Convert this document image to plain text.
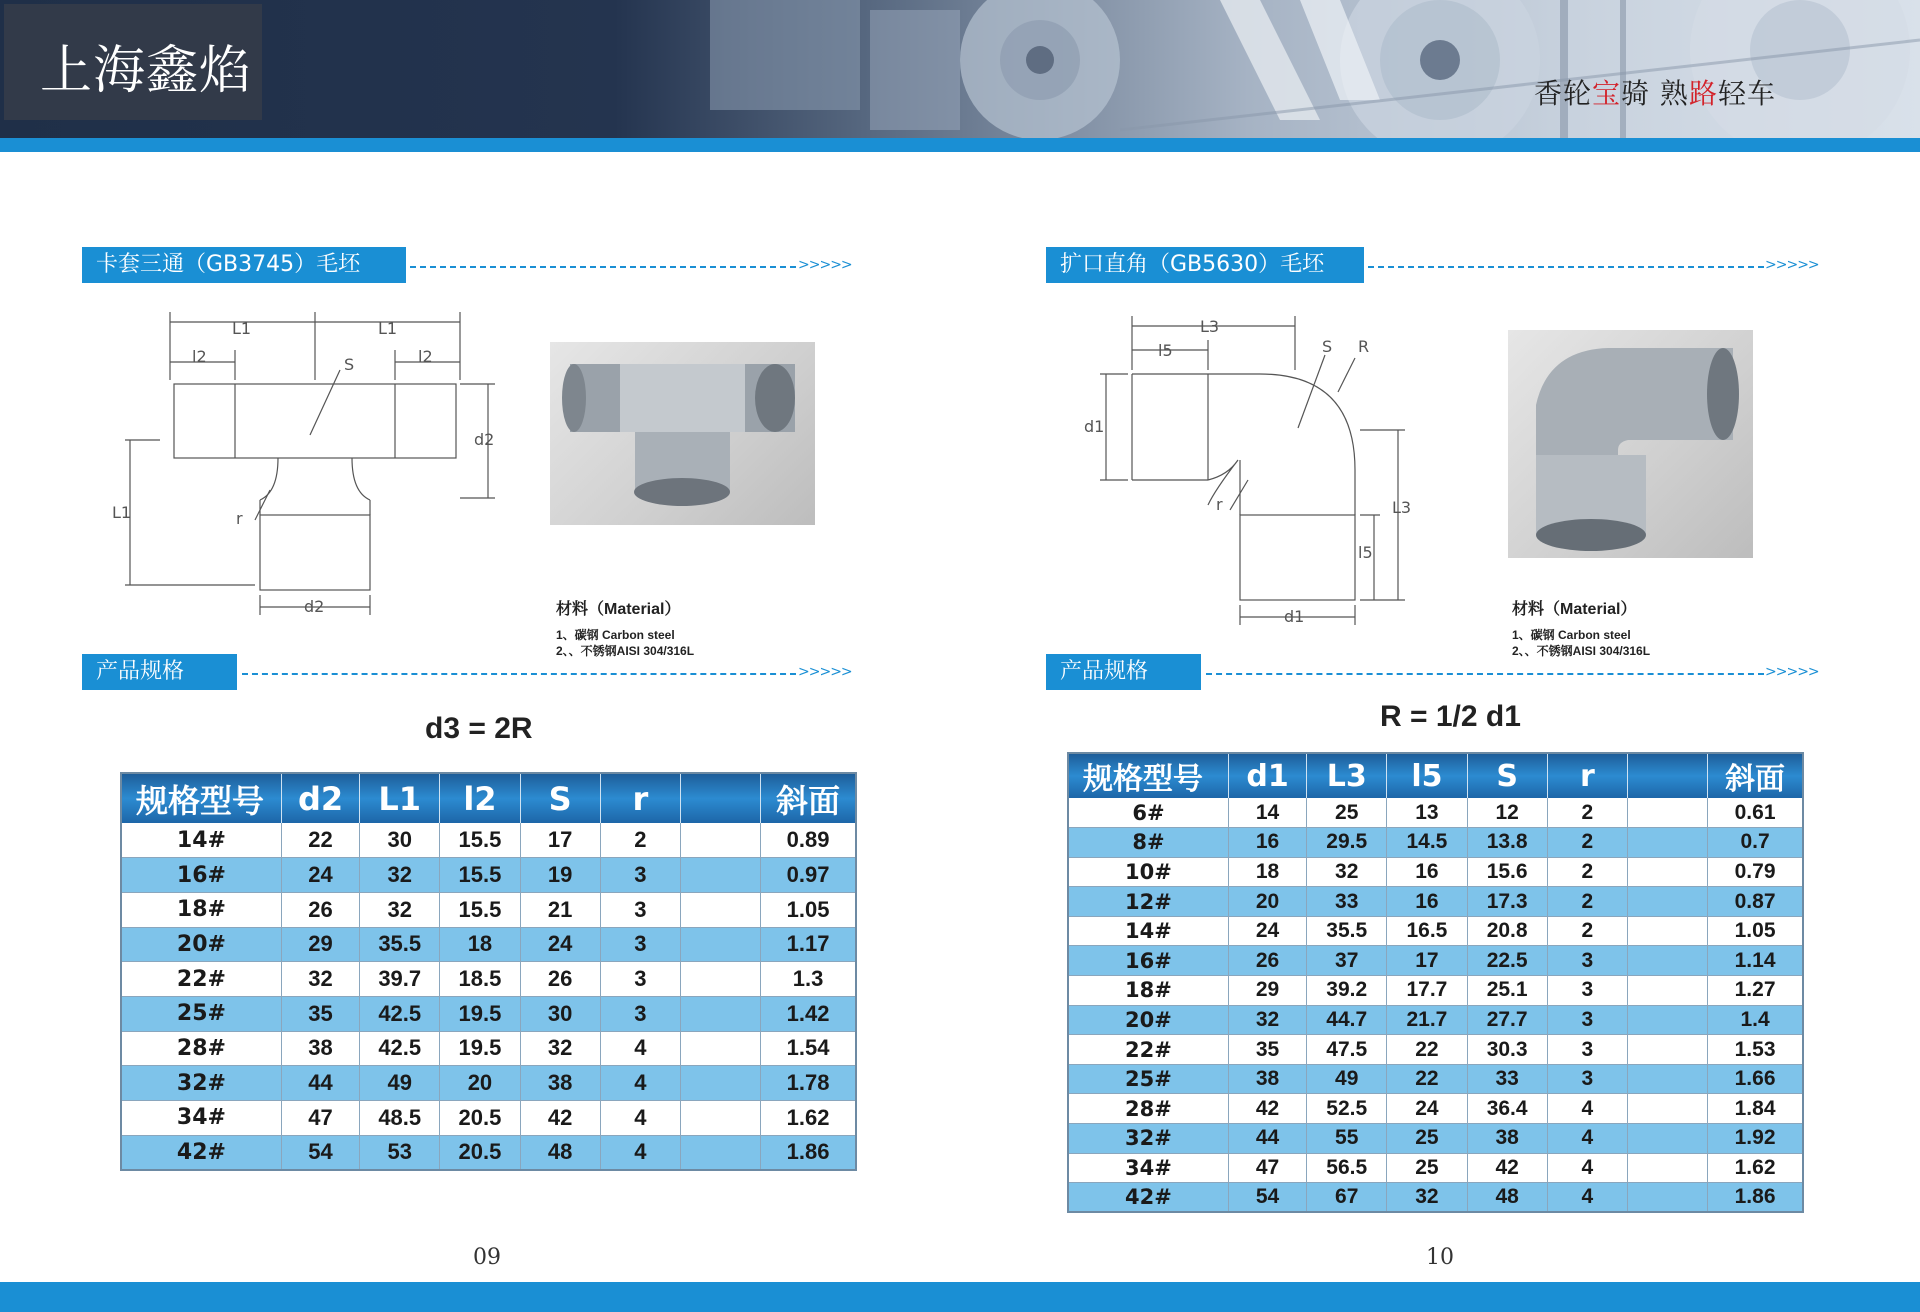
上海鑫焰	香轮宝骑 熟路轻车
卡套三通（GB3745）毛坯	>>>>>
L1	L1
l2	l2
S
d2
L1	r
d2	材料（Material）
1、碳钢 Carbon steel
2、、不锈钢AISI 304/316L
产品规格	>>>>>
d3 = 2R
规格型号	d2	L1	l2	S	r		斜面
14#	22	30	15.5	17	2		0.89
16#	24	32	15.5	19	3		0.97
18#	26	32	15.5	21	3		1.05
20#	29	35.5	18	24	3		1.17
22#	32	39.7	18.5	26	3		1.3
25#	35	42.5	19.5	30	3		1.42
28#	38	42.5	19.5	32	4		1.54
32#	44	49	20	38	4		1.78
34#	47	48.5	20.5	42	4		1.62
42#	54	53	20.5	48	4		1.86
09
扩口直角（GB5630）毛坯	>>>>>
L3
l5	S R
d1
r	L3
l5
d1	材料（Material）
1、碳钢 Carbon steel
2、、不锈钢AISI 304/316L
产品规格	>>>>>
R = 1/2 d1
规格型号	d1	L3	l5	S	r		斜面
6#	14	25	13	12	2		0.61
8#	16	29.5	14.5	13.8	2		0.7
10#	18	32	16	15.6	2		0.79
12#	20	33	16	17.3	2		0.87
14#	24	35.5	16.5	20.8	2		1.05
16#	26	37	17	22.5	3		1.14
18#	29	39.2	17.7	25.1	3		1.27
20#	32	44.7	21.7	27.7	3		1.4
22#	35	47.5	22	30.3	3		1.53
25#	38	49	22	33	3		1.66
28#	42	52.5	24	36.4	4		1.84
32#	44	55	25	38	4		1.92
34#	47	56.5	25	42	4		1.62
42#	54	67	32	48	4		1.86
10
